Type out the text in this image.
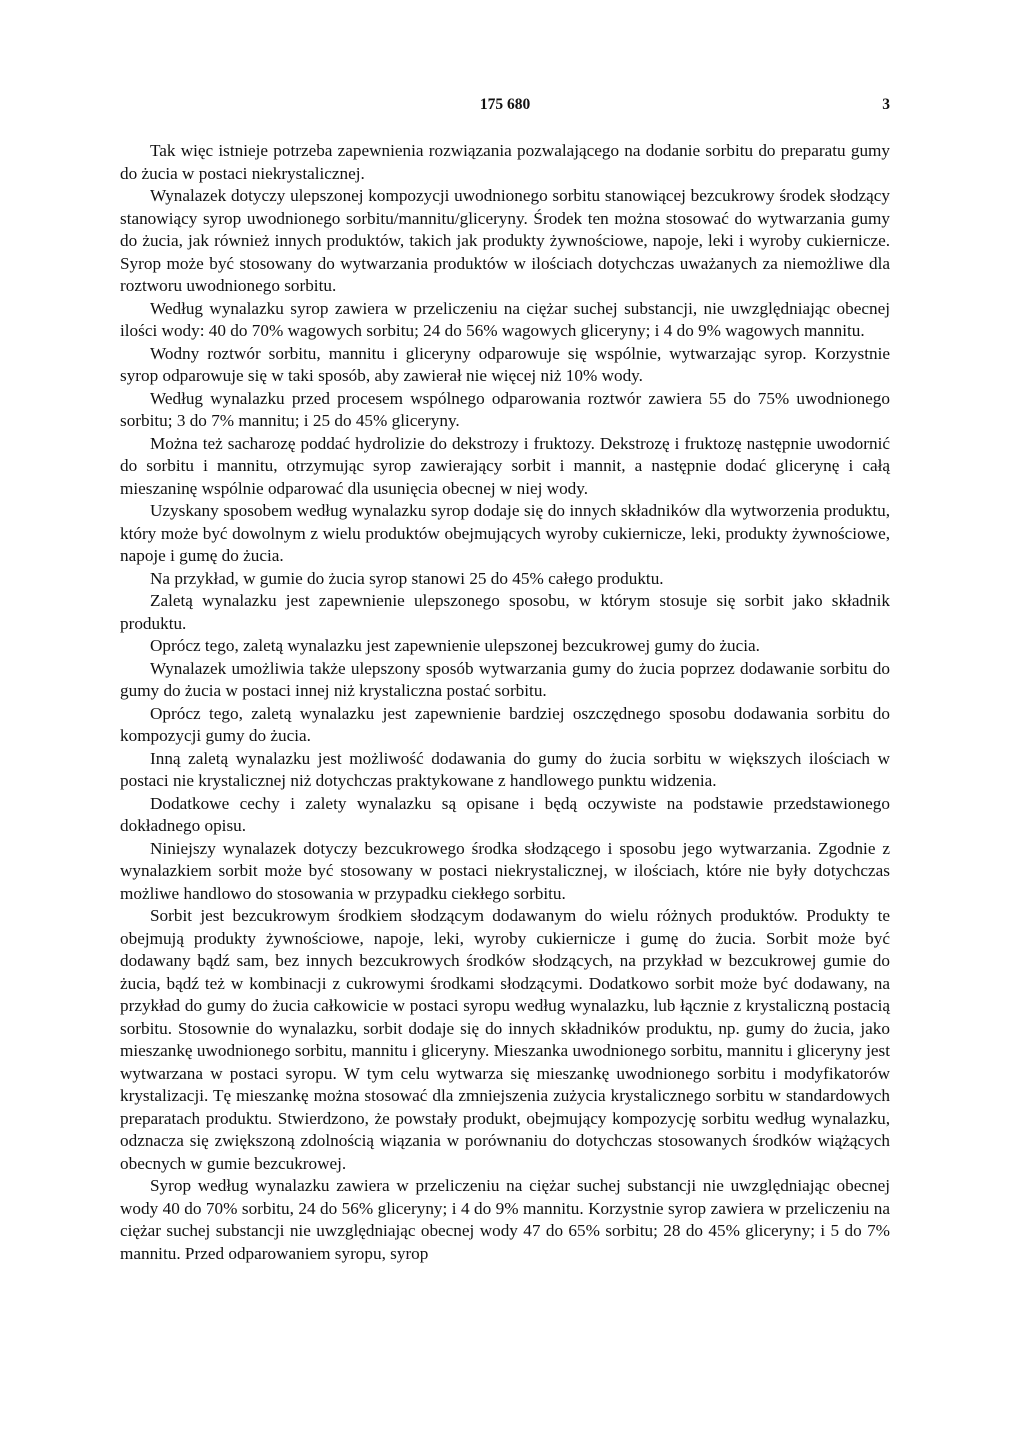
175 680	3

Tak więc istnieje potrzeba zapewnienia rozwiązania pozwalającego na dodanie sorbitu do preparatu gumy do żucia w postaci niekrystalicznej.

Wynalazek dotyczy ulepszonej kompozycji uwodnionego sorbitu stanowiącej bezcukrowy środek słodzący stanowiący syrop uwodnionego sorbitu/mannitu/gliceryny. Środek ten można stosować do wytwarzania gumy do żucia, jak również innych produktów, takich jak produkty żywnościowe, napoje, leki i wyroby cukiernicze. Syrop może być stosowany do wytwarzania produktów w ilościach dotychczas uważanych za niemożliwe dla roztworu uwodnionego sorbitu.

Według wynalazku syrop zawiera w przeliczeniu na ciężar suchej substancji, nie uwzględniając obecnej ilości wody: 40 do 70% wagowych sorbitu; 24 do 56% wagowych gliceryny; i 4 do 9% wagowych mannitu.

Wodny roztwór sorbitu, mannitu i gliceryny odparowuje się wspólnie, wytwarzając syrop. Korzystnie syrop odparowuje się w taki sposób, aby zawierał nie więcej niż 10% wody.

Według wynalazku przed procesem wspólnego odparowania roztwór zawiera 55 do 75% uwodnionego sorbitu; 3 do 7% mannitu; i 25 do 45% gliceryny.

Można też sacharozę poddać hydrolizie do dekstrozy i fruktozy. Dekstrozę i fruktozę następnie uwodornić do sorbitu i mannitu, otrzymując syrop zawierający sorbit i mannit, a następnie dodać glicerynę i całą mieszaninę wspólnie odparować dla usunięcia obecnej w niej wody.

Uzyskany sposobem według wynalazku syrop dodaje się do innych składników dla wytworzenia produktu, który może być dowolnym z wielu produktów obejmujących wyroby cukiernicze, leki, produkty żywnościowe, napoje i gumę do żucia.

Na przykład, w gumie do żucia syrop stanowi 25 do 45% całego produktu.

Zaletą wynalazku jest zapewnienie ulepszonego sposobu, w którym stosuje się sorbit jako składnik produktu.

Oprócz tego, zaletą wynalazku jest zapewnienie ulepszonej bezcukrowej gumy do żucia.

Wynalazek umożliwia także ulepszony sposób wytwarzania gumy do żucia poprzez dodawanie sorbitu do gumy do żucia w postaci innej niż krystaliczna postać sorbitu.

Oprócz tego, zaletą wynalazku jest zapewnienie bardziej oszczędnego sposobu dodawania sorbitu do kompozycji gumy do żucia.

Inną zaletą wynalazku jest możliwość dodawania do gumy do żucia sorbitu w większych ilościach w postaci nie krystalicznej niż dotychczas praktykowane z handlowego punktu widzenia.

Dodatkowe cechy i zalety wynalazku są opisane i będą oczywiste na podstawie przedstawionego dokładnego opisu.

Niniejszy wynalazek dotyczy bezcukrowego środka słodzącego i sposobu jego wytwarzania. Zgodnie z wynalazkiem sorbit może być stosowany w postaci niekrystalicznej, w ilościach, które nie były dotychczas możliwe handlowo do stosowania w przypadku ciekłego sorbitu.

Sorbit jest bezcukrowym środkiem słodzącym dodawanym do wielu różnych produktów. Produkty te obejmują produkty żywnościowe, napoje, leki, wyroby cukiernicze i gumę do żucia. Sorbit może być dodawany bądź sam, bez innych bezcukrowych środków słodzących, na przykład w bezcukrowej gumie do żucia, bądź też w kombinacji z cukrowymi środkami słodzącymi. Dodatkowo sorbit może być dodawany, na przykład do gumy do żucia całkowicie w postaci syropu według wynalazku, lub łącznie z krystaliczną postacią sorbitu. Stosownie do wynalazku, sorbit dodaje się do innych składników produktu, np. gumy do żucia, jako mieszankę uwodnionego sorbitu, mannitu i gliceryny. Mieszanka uwodnionego sorbitu, mannitu i gliceryny jest wytwarzana w postaci syropu. W tym celu wytwarza się mieszankę uwodnionego sorbitu i modyfikatorów krystalizacji. Tę mieszankę można stosować dla zmniejszenia zużycia krystalicznego sorbitu w standardowych preparatach produktu. Stwierdzono, że powstały produkt, obejmujący kompozycję sorbitu według wynalazku, odznacza się zwiększoną zdolnością wiązania w porównaniu do dotychczas stosowanych środków wiążących obecnych w gumie bezcukrowej.

Syrop według wynalazku zawiera w przeliczeniu na ciężar suchej substancji nie uwzględniając obecnej wody 40 do 70% sorbitu, 24 do 56% gliceryny; i 4 do 9% mannitu. Korzystnie syrop zawiera w przeliczeniu na ciężar suchej substancji nie uwzględniając obecnej wody 47 do 65% sorbitu; 28 do 45% gliceryny; i 5 do 7% mannitu. Przed odparowaniem syropu, syrop
